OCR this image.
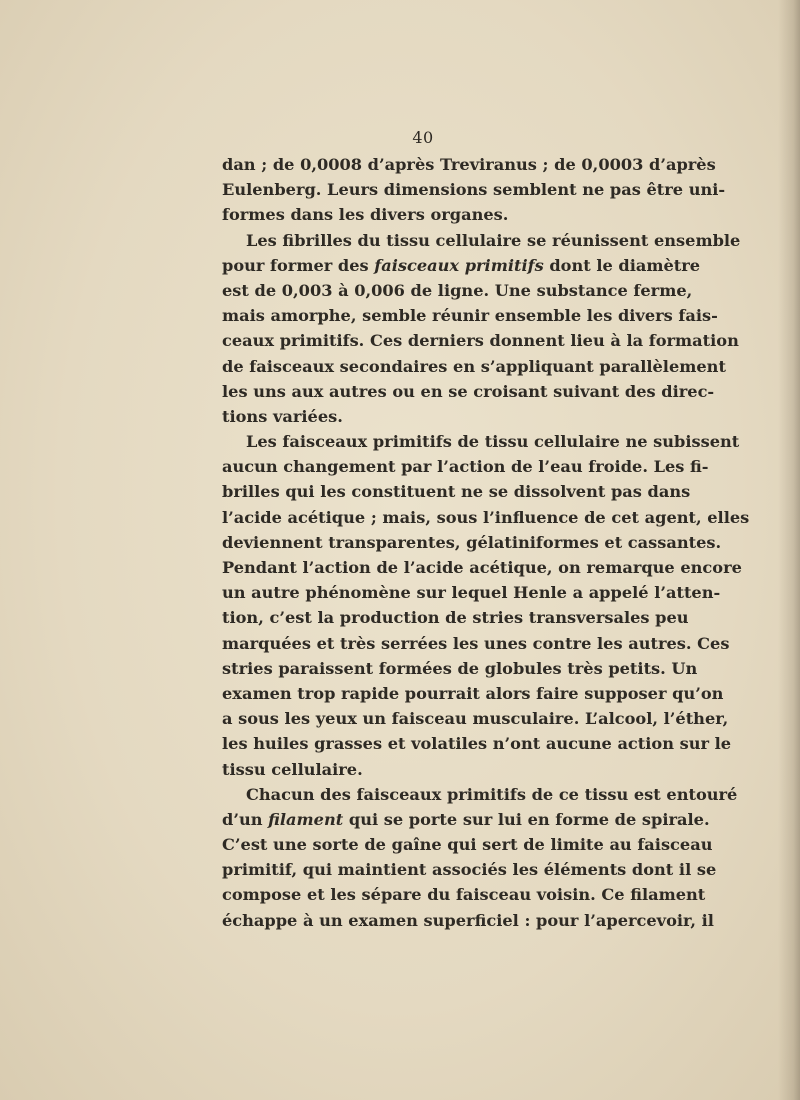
40
dan ; de 0,0008 d’après Treviranus ; de 0,0003 d’après
Eulenberg. Leurs dimensions semblent ne pas être uni-
formes dans les divers organes.
Les fibrilles du tissu cellulaire se réunissent ensemble
pour former des faisceaux primitifs dont le diamètre
est de 0,003 à 0,006 de ligne. Une substance ferme,
mais amorphe, semble réunir ensemble les divers fais-
ceaux primitifs. Ces derniers donnent lieu à la formation
de faisceaux secondaires en s’appliquant parallèlement
les uns aux autres ou en se croisant suivant des direc-
tions variées.
Les faisceaux primitifs de tissu cellulaire ne subissent
aucun changement par l’action de l’eau froide. Les fi-
brilles qui les constituent ne se dissolvent pas dans
l’acide acétique ; mais, sous l’influence de cet agent, elles
deviennent transparentes, gélatiniformes et cassantes.
Pendant l’action de l’acide acétique, on remarque encore
un autre phénomène sur lequel Henle a appelé l’atten-
tion, c’est la production de stries transversales peu
marquées et très serrées les unes contre les autres. Ces
stries paraissent formées de globules très petits. Un
examen trop rapide pourrait alors faire supposer qu’on
a sous les yeux un faisceau musculaire. L’alcool, l’éther,
les huiles grasses et volatiles n’ont aucune action sur le
tissu cellulaire.
Chacun des faisceaux primitifs de ce tissu est entouré
d’un filament qui se porte sur lui en forme de spirale.
C’est une sorte de gaîne qui sert de limite au faisceau
primitif, qui maintient associés les éléments dont il se
compose et les sépare du faisceau voisin. Ce filament
échappe à un examen superficiel : pour l’apercevoir, il
